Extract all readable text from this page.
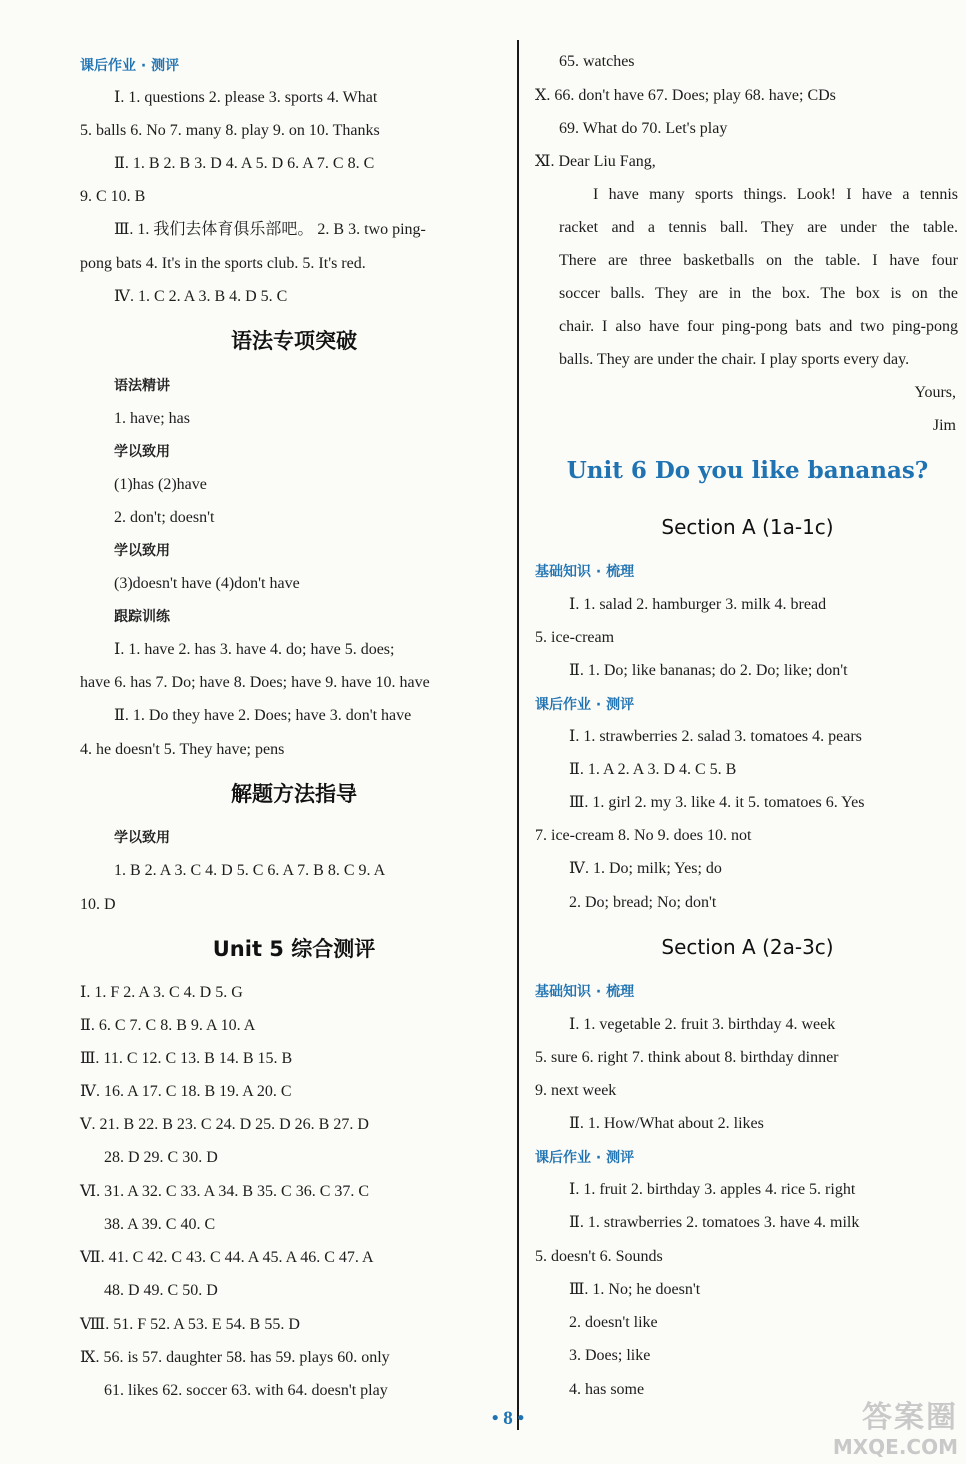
课后作业 · 测评
Ⅰ. 1. questions 2. please 3. sports 4. What
5. balls 6. No 7. many 8. play 9. on 10. Thanks
Ⅱ. 1. B 2. B 3. D 4. A 5. D 6. A 7. C 8. C
9. C 10. B
Ⅲ. 1. 我们去体育俱乐部吧。 2. B 3. two ping-
pong bats 4. It's in the sports club. 5. It's red.
Ⅳ. 1. C 2. A 3. B 4. D 5. C
语法专项突破
语法精讲
1. have; has
学以致用
(1)has (2)have
2. don't; doesn't
学以致用
(3)doesn't have (4)don't have
跟踪训练
Ⅰ. 1. have 2. has 3. have 4. do; have 5. does;
have 6. has 7. Do; have 8. Does; have 9. have 10. have
Ⅱ. 1. Do they have 2. Does; have 3. don't have
4. he doesn't 5. They have; pens
解题方法指导
学以致用
1. B 2. A 3. C 4. D 5. C 6. A 7. B 8. C 9. A
10. D
Unit 5 综合测评
Ⅰ. 1. F 2. A 3. C 4. D 5. G
Ⅱ. 6. C 7. C 8. B 9. A 10. A
Ⅲ. 11. C 12. C 13. B 14. B 15. B
Ⅳ. 16. A 17. C 18. B 19. A 20. C
Ⅴ. 21. B 22. B 23. C 24. D 25. D 26. B 27. D
28. D 29. C 30. D
Ⅵ. 31. A 32. C 33. A 34. B 35. C 36. C 37. C
38. A 39. C 40. C
Ⅶ. 41. C 42. C 43. C 44. A 45. A 46. C 47. A
48. D 49. C 50. D
Ⅷ. 51. F 52. A 53. E 54. B 55. D
Ⅸ. 56. is 57. daughter 58. has 59. plays 60. only
61. likes 62. soccer 63. with 64. doesn't play
65. watches
Ⅹ. 66. don't have 67. Does; play 68. have; CDs
69. What do 70. Let's play
Ⅺ. Dear Liu Fang,
I have many sports things. Look! I have a tennis
racket and a tennis ball. They are under the table.
There are three basketballs on the table. I have four
soccer balls. They are in the box. The box is on the
chair. I also have four ping-pong bats and two ping-pong
balls. They are under the chair. I play sports every day.
Yours,
Jim
Unit 6 Do you like bananas?
Section A (1a-1c)
基础知识 · 梳理
Ⅰ. 1. salad 2. hamburger 3. milk 4. bread
5. ice-cream
Ⅱ. 1. Do; like bananas; do 2. Do; like; don't
课后作业 · 测评
Ⅰ. 1. strawberries 2. salad 3. tomatoes 4. pears
Ⅱ. 1. A 2. A 3. D 4. C 5. B
Ⅲ. 1. girl 2. my 3. like 4. it 5. tomatoes 6. Yes
7. ice-cream 8. No 9. does 10. not
Ⅳ. 1. Do; milk; Yes; do
2. Do; bread; No; don't
Section A (2a-3c)
基础知识 · 梳理
Ⅰ. 1. vegetable 2. fruit 3. birthday 4. week
5. sure 6. right 7. think about 8. birthday dinner
9. next week
Ⅱ. 1. How/What about 2. likes
课后作业 · 测评
Ⅰ. 1. fruit 2. birthday 3. apples 4. rice 5. right
Ⅱ. 1. strawberries 2. tomatoes 3. have 4. milk
5. doesn't 6. Sounds
Ⅲ. 1. No; he doesn't
2. doesn't like
3. Does; like
4. has some
• 8 •	答案圈
MXQE.COM
